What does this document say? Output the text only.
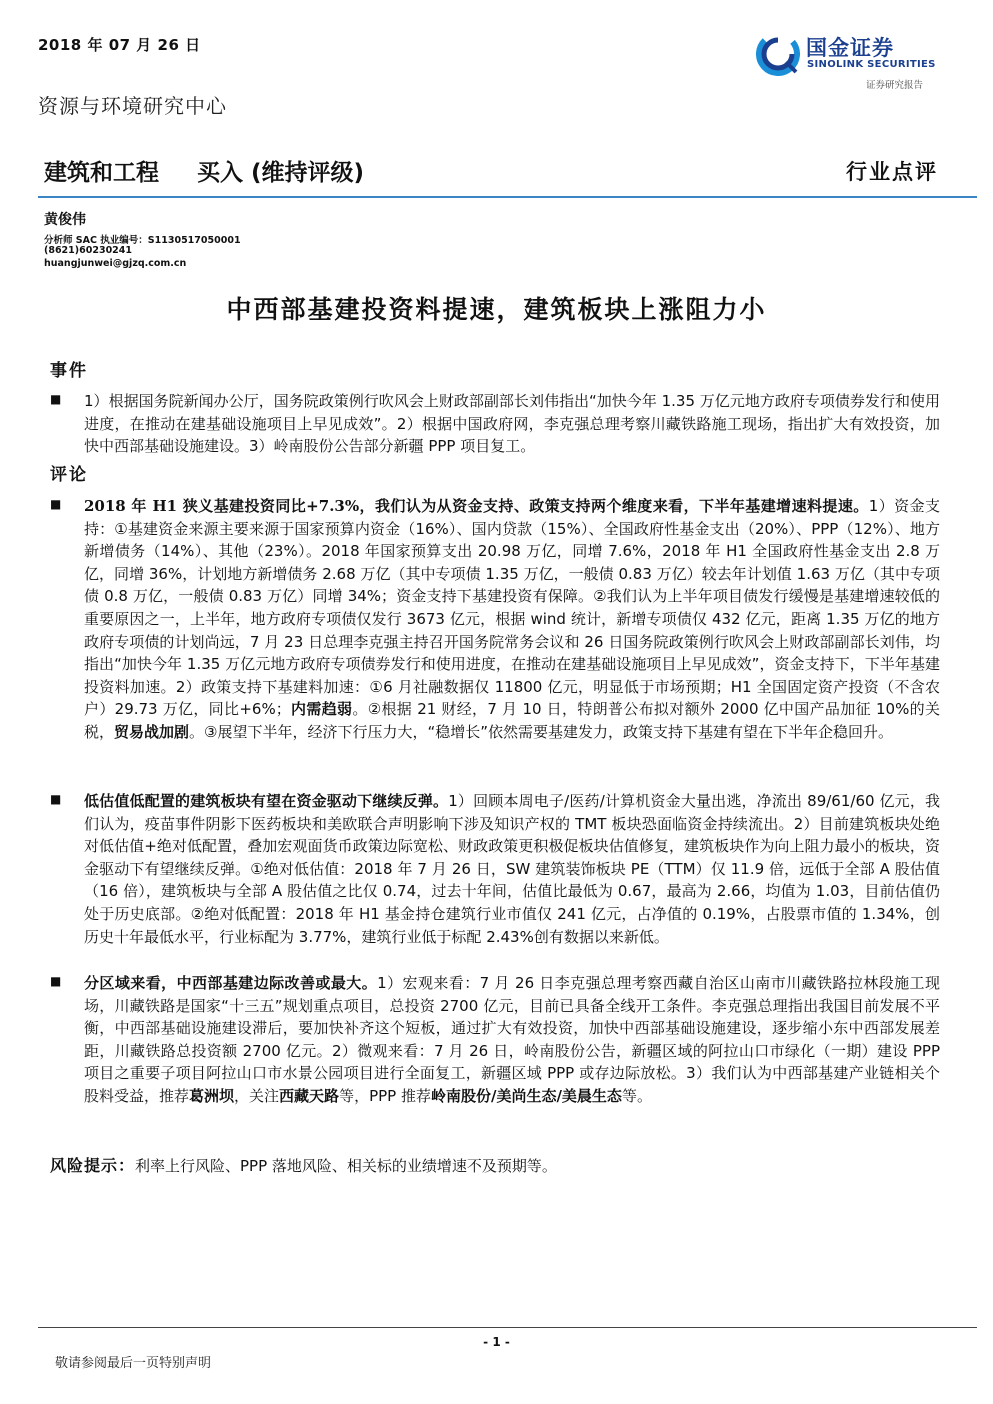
2018 年 07 月 26 日	国金证券
SINOLINK SECURITIES
证券研究报告
资源与环境研究中心
建筑和工程 买入 (维持评级)	行业点评
黄俊伟
分析师 SAC 执业编号：S1130517050001
(8621)60230241
huangjunwei@gjzq.com.cn
中西部基建投资料提速，建筑板块上涨阻力小
事件
■ 1）根据国务院新闻办公厅，国务院政策例行吹风会上财政部副部长刘伟指出“加快今年 1.35 万亿元地方政府专项债券发行和使用进度，在推动在建基础设施项目上早见成效”。2）根据中国政府网，李克强总理考察川藏铁路施工现场，指出扩大有效投资，加快中西部基础设施建设。3）岭南股份公告部分新疆 PPP 项目复工。
评论
■ 2018 年 H1 狭义基建投资同比+7.3%，我们认为从资金支持、政策支持两个维度来看，下半年基建增速料提速。1）资金支持：①基建资金来源主要来源于国家预算内资金（16%）、国内贷款（15%）、全国政府性基金支出（20%）、PPP（12%）、地方新增债务（14%）、其他（23%）。2018 年国家预算支出 20.98 万亿，同增 7.6%，2018 年 H1 全国政府性基金支出 2.8 万亿，同增 36%，计划地方新增债务 2.68 万亿（其中专项债 1.35 万亿，一般债 0.83 万亿）较去年计划值 1.63 万亿（其中专项债 0.8 万亿，一般债 0.83 万亿）同增 34%；资金支持下基建投资有保障。②我们认为上半年项目债发行缓慢是基建增速较低的重要原因之一，上半年，地方政府专项债仅发行 3673 亿元，根据 wind 统计，新增专项债仅 432 亿元，距离 1.35 万亿的地方政府专项债的计划尚远，7 月 23 日总理李克强主持召开国务院常务会议和 26 日国务院政策例行吹风会上财政部副部长刘伟，均指出“加快今年 1.35 万亿元地方政府专项债券发行和使用进度，在推动在建基础设施项目上早见成效”，资金支持下，下半年基建投资料加速。2）政策支持下基建料加速：①6 月社融数据仅 11800 亿元，明显低于市场预期；H1 全国固定资产投资（不含农户）29.73 万亿，同比+6%；内需趋弱。②根据 21 财经，7 月 10 日，特朗普公布拟对额外 2000 亿中国产品加征 10%的关税，贸易战加剧。③展望下半年，经济下行压力大，“稳增长”依然需要基建发力，政策支持下基建有望在下半年企稳回升。
■ 低估值低配置的建筑板块有望在资金驱动下继续反弹。1）回顾本周电子/医药/计算机资金大量出逃，净流出 89/61/60 亿元，我们认为，疫苗事件阴影下医药板块和美欧联合声明影响下涉及知识产权的 TMT 板块恐面临资金持续流出。2）目前建筑板块处绝对低估值+绝对低配置，叠加宏观面货币政策边际宽松、财政政策更积极促板块估值修复，建筑板块作为向上阻力最小的板块，资金驱动下有望继续反弹。①绝对低估值：2018 年 7 月 26 日，SW 建筑装饰板块 PE（TTM）仅 11.9 倍，远低于全部 A 股估值（16 倍），建筑板块与全部 A 股估值之比仅 0.74，过去十年间，估值比最低为 0.67，最高为 2.66，均值为 1.03，目前估值仍处于历史底部。②绝对低配置：2018 年 H1 基金持仓建筑行业市值仅 241 亿元，占净值的 0.19%，占股票市值的 1.34%，创历史十年最低水平，行业标配为 3.77%，建筑行业低于标配 2.43%创有数据以来新低。
■ 分区域来看，中西部基建边际改善或最大。1）宏观来看：7 月 26 日李克强总理考察西藏自治区山南市川藏铁路拉林段施工现场，川藏铁路是国家“十三五”规划重点项目，总投资 2700 亿元，目前已具备全线开工条件。李克强总理指出我国目前发展不平衡，中西部基础设施建设滞后，要加快补齐这个短板，通过扩大有效投资，加快中西部基础设施建设，逐步缩小东中西部发展差距，川藏铁路总投资额 2700 亿元。2）微观来看：7 月 26 日，岭南股份公告，新疆区域的阿拉山口市绿化（一期）建设 PPP 项目之重要子项目阿拉山口市水景公园项目进行全面复工，新疆区域 PPP 或存边际放松。3）我们认为中西部基建产业链相关个股料受益，推荐葛洲坝，关注西藏天路等，PPP 推荐岭南股份/美尚生态/美晨生态等。
风险提示：利率上行风险、PPP 落地风险、相关标的业绩增速不及预期等。
- 1 -
敬请参阅最后一页特别声明
